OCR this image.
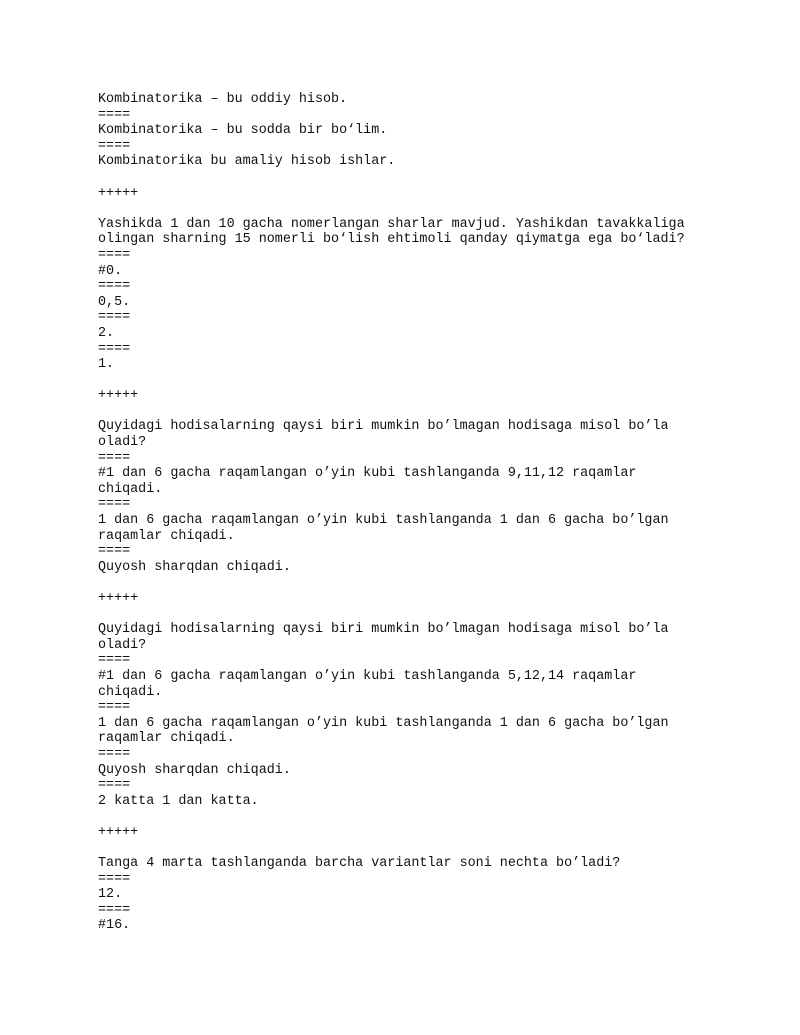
Kombinatorika – bu oddiy hisob.
====
Kombinatorika – bu sodda bir bo‘lim.
====
Kombinatorika bu amaliy hisob ishlar.
+++++
Yashikda 1 dan 10 gacha nomerlangan sharlar mavjud. Yashikdan tavakkaliga
olingan sharning 15 nomerli bo‘lish ehtimoli qanday qiymatga ega bo‘ladi?
====
#0.
====
0,5.
====
2.
====
1.
+++++
Quyidagi hodisalarning qaysi biri mumkin bo’lmagan hodisaga misol bo’la
oladi?
====
#1 dan 6 gacha raqamlangan o’yin kubi tashlanganda 9,11,12 raqamlar
chiqadi.
====
1 dan 6 gacha raqamlangan o’yin kubi tashlanganda 1 dan 6 gacha bo’lgan
raqamlar chiqadi.
====
Quyosh sharqdan chiqadi.
+++++
Quyidagi hodisalarning qaysi biri mumkin bo’lmagan hodisaga misol bo’la
oladi?
====
#1 dan 6 gacha raqamlangan o’yin kubi tashlanganda 5,12,14 raqamlar
chiqadi.
====
1 dan 6 gacha raqamlangan o’yin kubi tashlanganda 1 dan 6 gacha bo’lgan
raqamlar chiqadi.
====
Quyosh sharqdan chiqadi.
====
2 katta 1 dan katta.
+++++
Tanga 4 marta tashlanganda barcha variantlar soni nechta bo’ladi?
====
12.
====
#16.
